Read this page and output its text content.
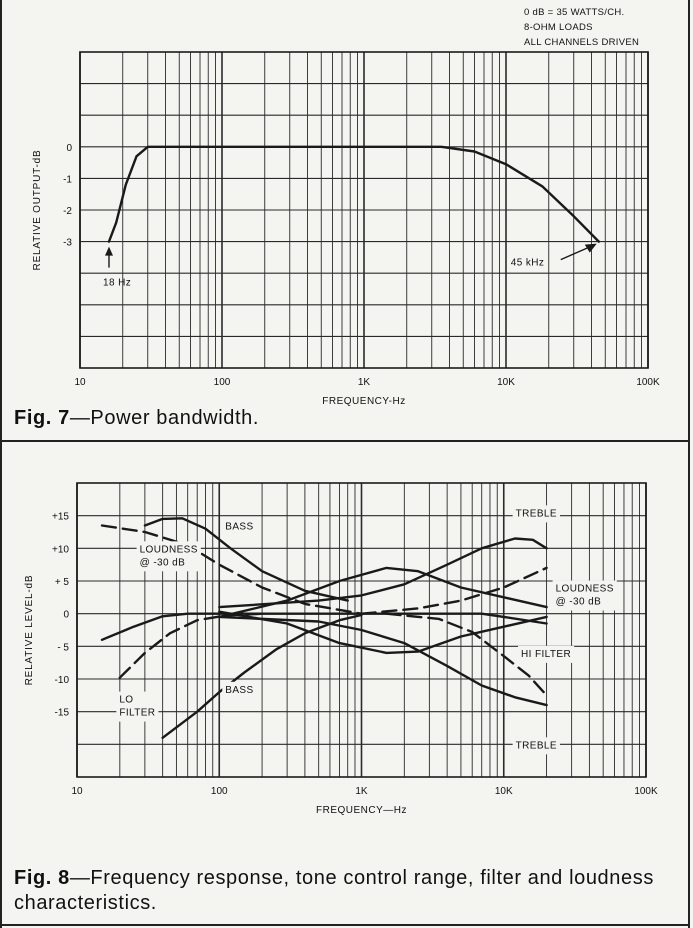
10	100	1K	10K	100K
0
-1
-2
-3
FREQUENCY-Hz
RELATIVE OUTPUT-dB
0 dB = 35 WATTS/CH.
8-OHM LOADS
ALL CHANNELS DRIVEN
18 Hz
45 kHz
10	100	1K	10K	100K
+15
+10
+ 5
0
- 5
-10
-15
FREQUENCY—Hz
RELATIVE LEVEL-dB
BASS
BASS
TREBLE
TREBLE
LOUDNESS
@ -30 dB
LOUDNESS
@ -30 dB
LO
FILTER
HI FILTER
Fig. 7—Power bandwidth.
Fig. 8—Frequency response, tone control range, filter and loudness characteristics.
